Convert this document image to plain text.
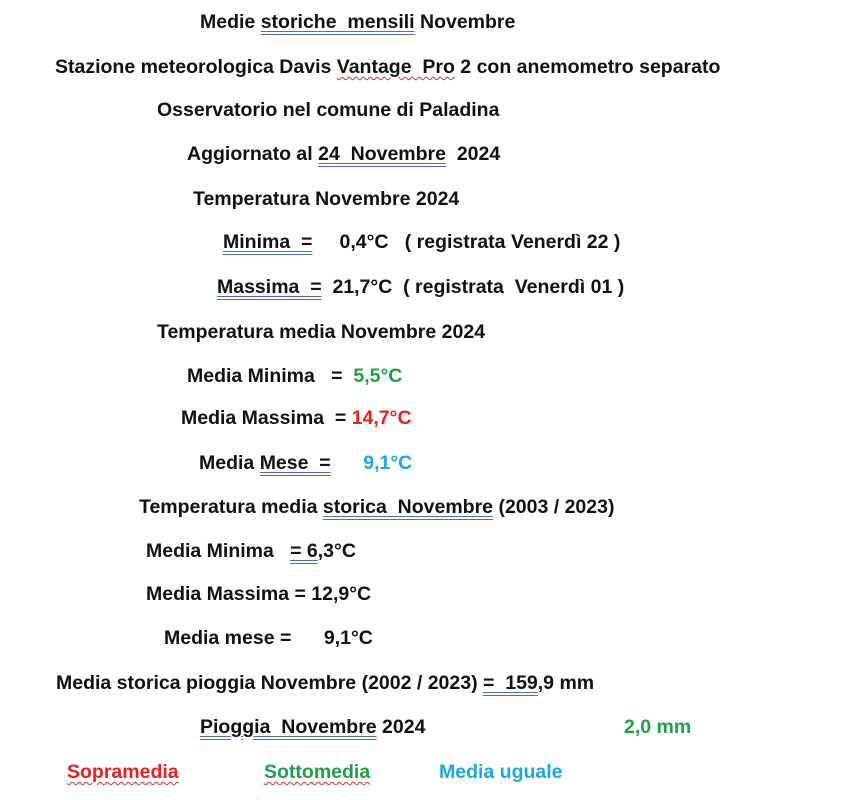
Medie storiche  mensili Novembre
Stazione meteorologica Davis Vantage  Pro 2 con anemometro separato
Osservatorio nel comune di Paladina
Aggiornato al 24  Novembre  2024
Temperatura Novembre 2024
Minima  =     0,4°C   ( registrata Venerdì 22 )
Massima  =  21,7°C  ( registrata  Venerdì 01 )
Temperatura media Novembre 2024
Media Minima   =  5,5°C
Media Massima  = 14,7°C
Media Mese  = 9,1°C
Temperatura media storica  Novembre (2003 / 2023)
Media Minima   = 6,3°C
Media Massima = 12,9°C
Media mese =      9,1°C
Media storica pioggia Novembre (2002 / 2023) =  159,9 mm
Pioggia  Novembre 2024	2,0 mm
Sopramedia	Sottomedia	Media uguale
